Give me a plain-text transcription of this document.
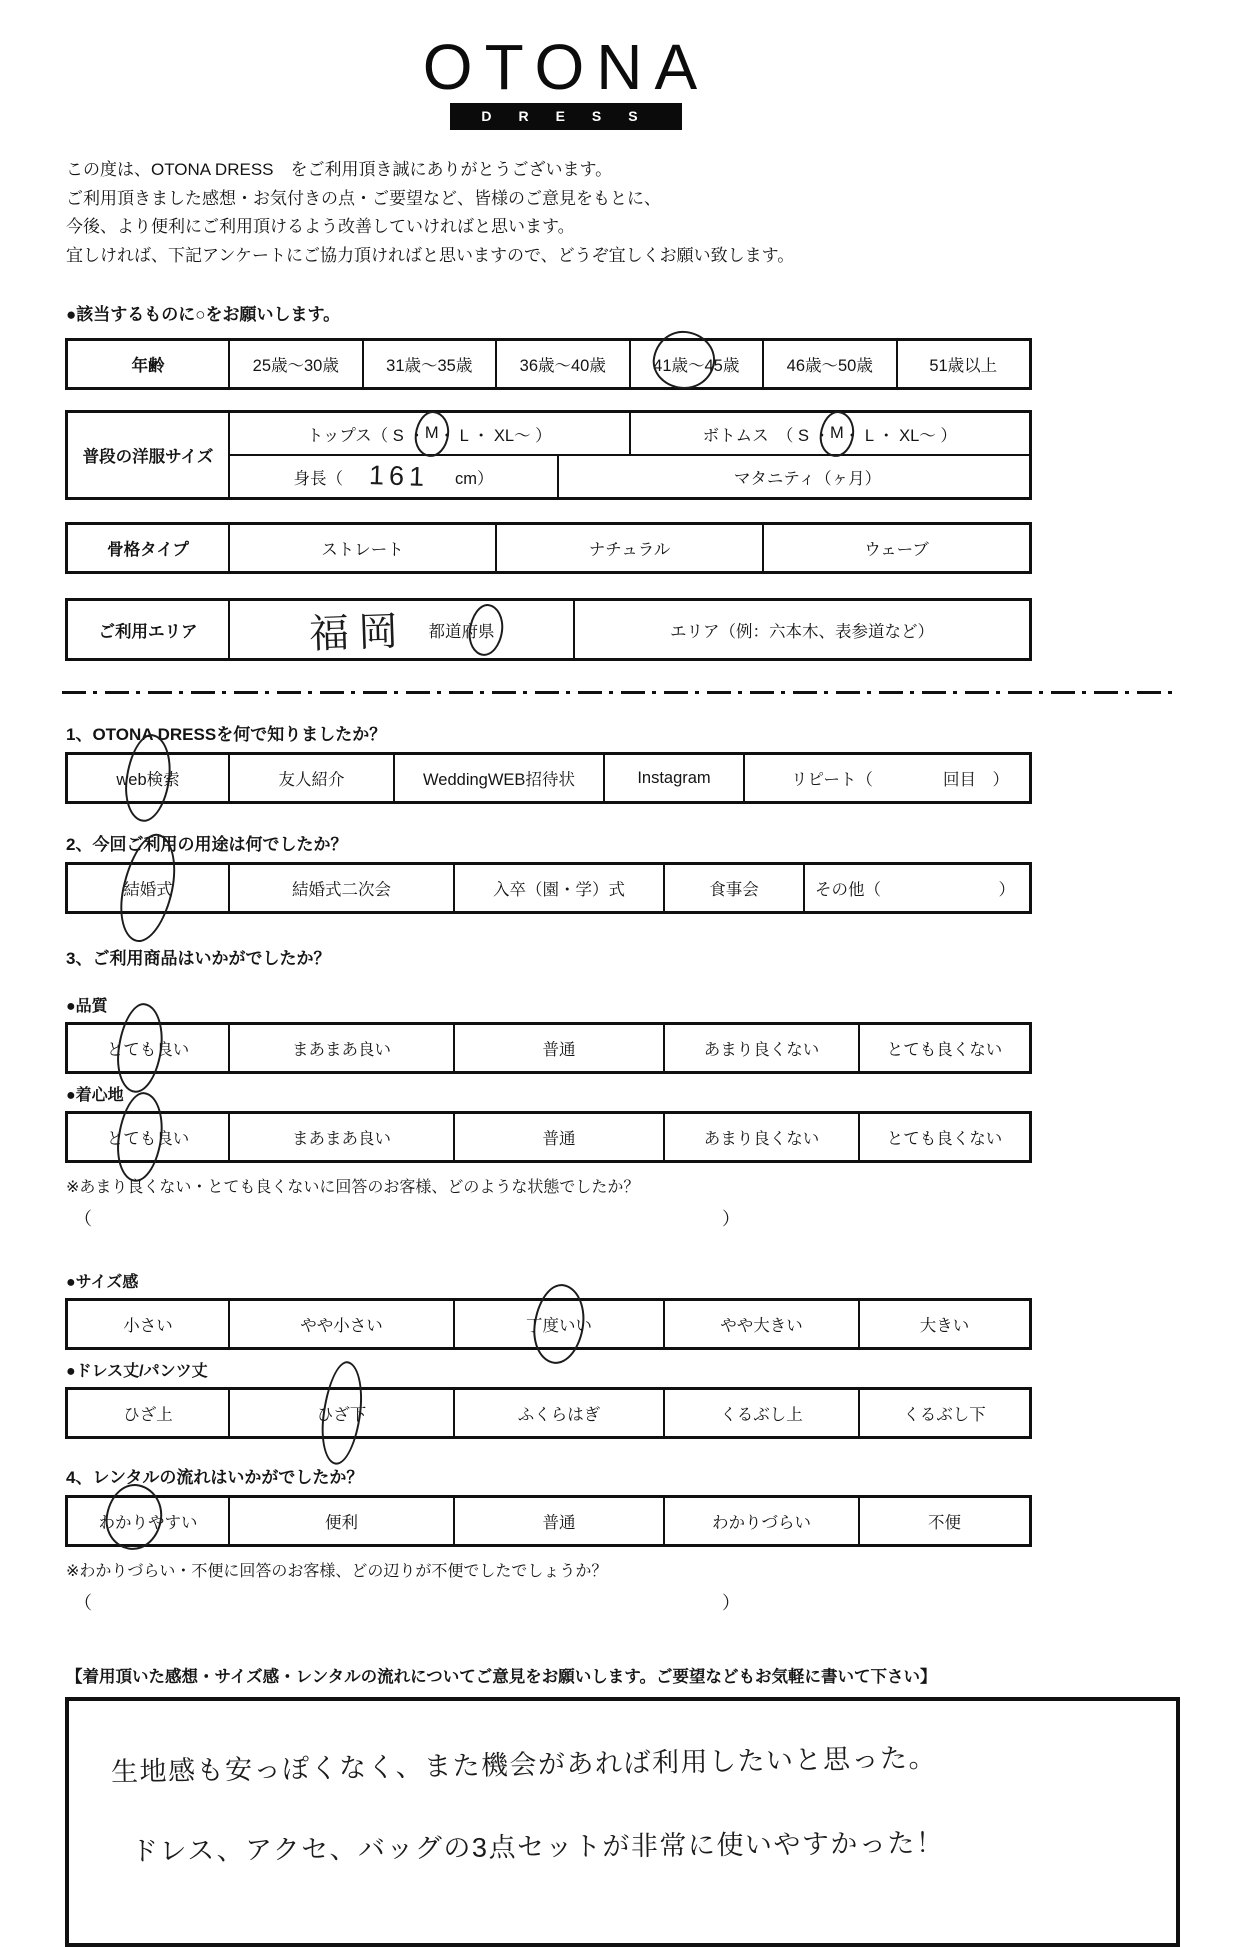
OTONA
DRESS

この度は、OTONA DRESS　をご利用頂き誠にありがとうございます。

ご利用頂きました感想・お気付きの点・ご要望など、皆様のご意見をもとに、

今後、より便利にご利用頂けるよう改善していければと思います。

宜しければ、下記アンケートにご協力頂ければと思いますので、どうぞ宜しくお願い致します。

●該当するものに○をお願いします。
年齢	25歳～30歳	31歳～35歳	36歳～40歳	41歳～45歳	46歳～50歳	51歳以上
普段の洋服サイズ
トップス（ S ・ M ・ L ・ XL～ ）	ボトムス　（ S ・ M ・ L ・ XL～ ）
身長（ 161 cm）	マタニティ（ ヶ月）
骨格タイプ	ストレート	ナチュラル	ウェーブ
ご利用エリア	福岡 都道府県	エリア（例：六本木、表参道など）
1、OTONA DRESSを何で知りましたか？
web検索	友人紹介	WeddingWEB招待状	Instagram	リピート（	回目　）
2、今回ご利用の用途は何でしたか？
結婚式	結婚式二次会	入卒（園・学）式	食事会	その他（	）
3、ご利用商品はいかがでしたか？
●品質
とても良い	まあまあ良い	普通	あまり良くない	とても良くない
●着心地
とても良い	まあまあ良い	普通	あまり良くない	とても良くない
※あまり良くない・とても良くないに回答のお客様、どのような状態でしたか？
（	）
●サイズ感
小さい	やや小さい	丁度いい	やや大きい	大きい
●ドレス丈/パンツ丈
ひざ上	ひざ下	ふくらはぎ	くるぶし上	くるぶし下
4、レンタルの流れはいかがでしたか？
わかりやすい	便利	普通	わかりづらい	不便
※わかりづらい・不便に回答のお客様、どの辺りが不便でしたでしょうか？
（	）
【着用頂いた感想・サイズ感・レンタルの流れについてご意見をお願いします。ご要望などもお気軽に書いて下さい】
生地感も安っぽくなく、また機会があれば利用したいと思った。
ドレス、アクセ、バッグの3点セットが非常に使いやすかった！
